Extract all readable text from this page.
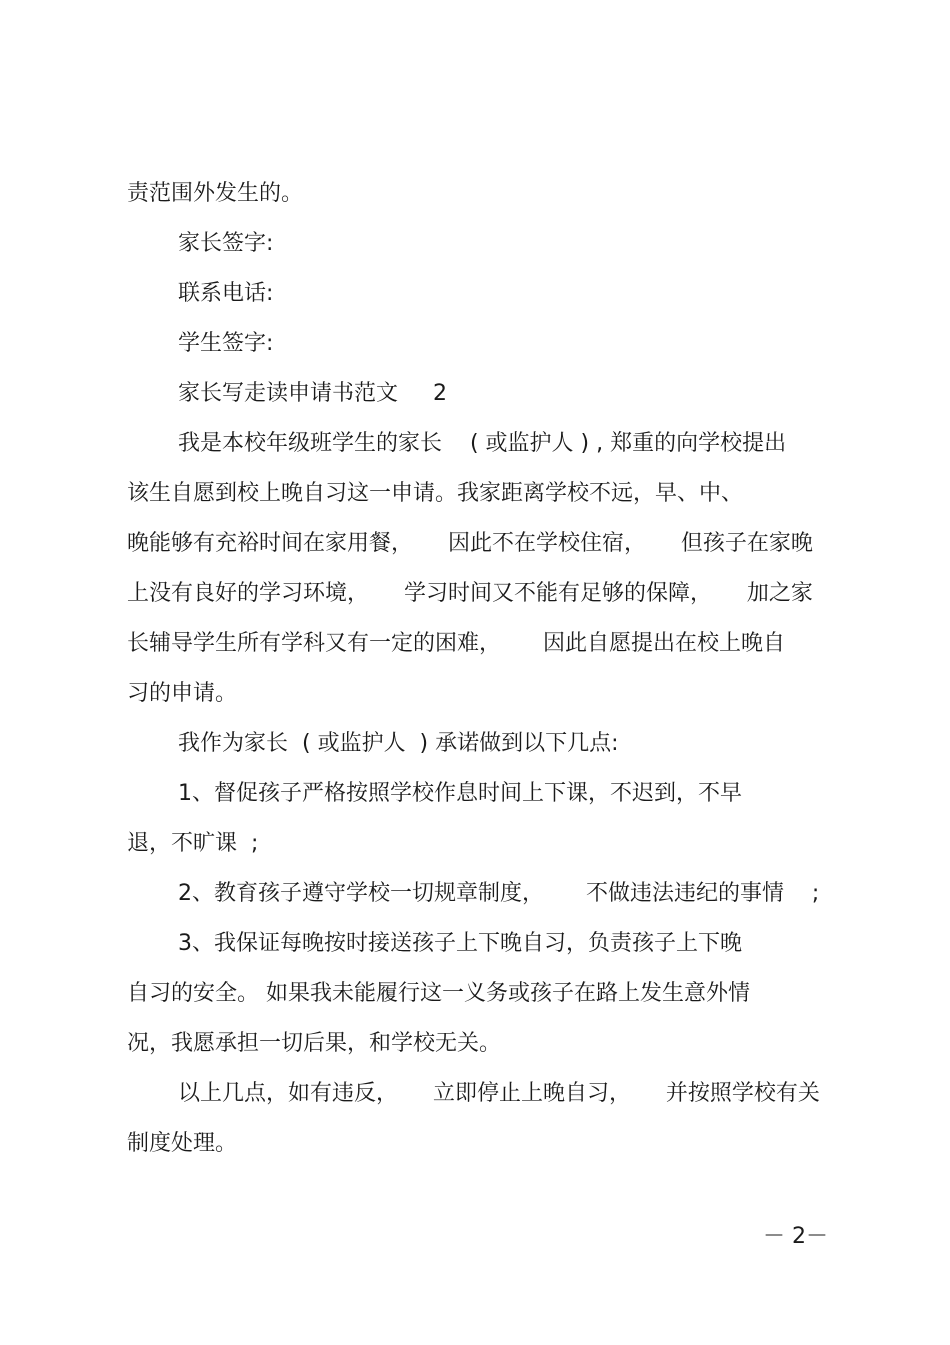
责范围外发生的。
家长签字:
联系电话:
学生签字:
家长写走读申请书范文     2
我是本校年级班学生的家长    ( 或监护人 ) , 郑重的向学校提出
该生自愿到校上晚自习这一申请。我家距离学校不远，早、中、
晚能够有充裕时间在家用餐，     因此不在学校住宿，     但孩子在家晚
上没有良好的学习环境，     学习时间又不能有足够的保障，     加之家
长辅导学生所有学科又有一定的困难，      因此自愿提出在校上晚自
习的申请。
我作为家长  ( 或监护人  ) 承诺做到以下几点:
1、督促孩子严格按照学校作息时间上下课，不迟到，不早
退，不旷课  ;
2、教育孩子遵守学校一切规章制度，      不做违法违纪的事情    ;
3、我保证每晚按时接送孩子上下晚自习，负责孩子上下晚
自习的安全。 如果我未能履行这一义务或孩子在路上发生意外情
况，我愿承担一切后果，和学校无关。
以上几点，如有违反，     立即停止上晚自习，     并按照学校有关
制度处理。
－ 2－
